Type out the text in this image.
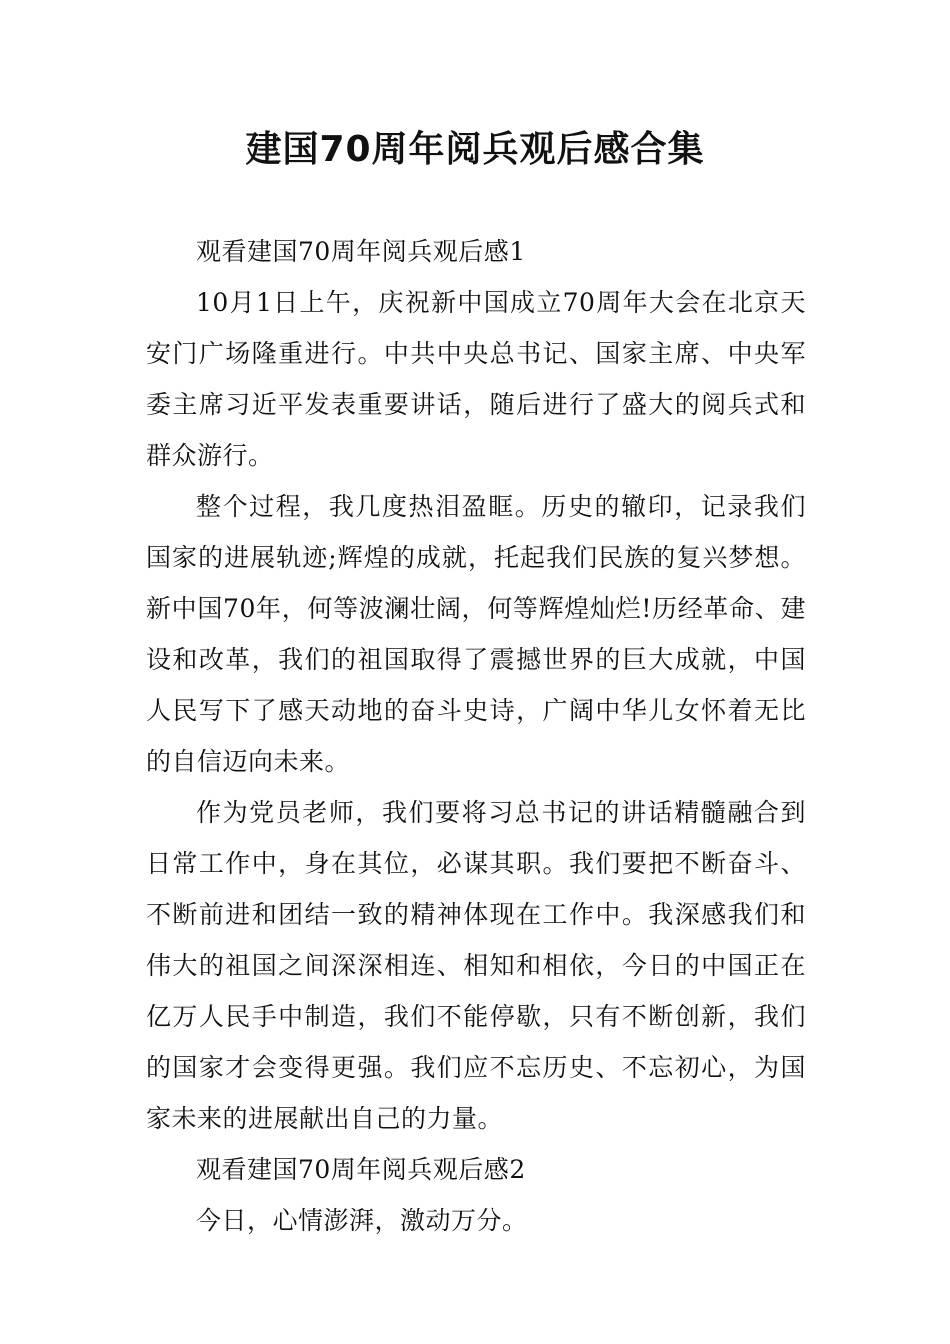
建国70周年阅兵观后感合集

观看建国70周年阅兵观后感1

10月1日上午，庆祝新中国成立70周年大会在北京天安门广场隆重进行。中共中央总书记、国家主席、中央军委主席习近平发表重要讲话，随后进行了盛大的阅兵式和群众游行。

整个过程，我几度热泪盈眶。历史的辙印，记录我们国家的进展轨迹;辉煌的成就，托起我们民族的复兴梦想。新中国70年，何等波澜壮阔，何等辉煌灿烂!历经革命、建设和改革，我们的祖国取得了震撼世界的巨大成就，中国人民写下了感天动地的奋斗史诗，广阔中华儿女怀着无比的自信迈向未来。

作为党员老师，我们要将习总书记的讲话精髓融合到日常工作中，身在其位，必谋其职。我们要把不断奋斗、不断前进和团结一致的精神体现在工作中。我深感我们和伟大的祖国之间深深相连、相知和相依，今日的中国正在亿万人民手中制造，我们不能停歇，只有不断创新，我们的国家才会变得更强。我们应不忘历史、不忘初心，为国家未来的进展献出自己的力量。

观看建国70周年阅兵观后感2

今日，心情澎湃，激动万分。
